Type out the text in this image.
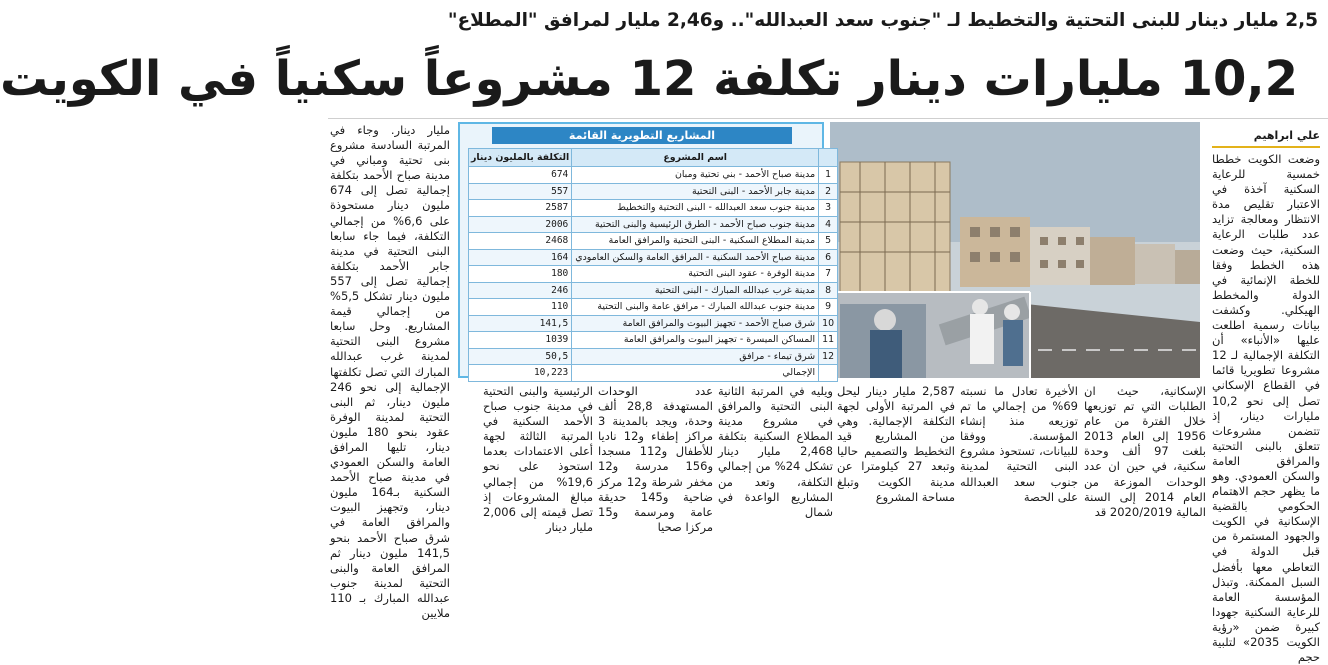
2,5 مليار دينار للبنى التحتية والتخطيط لـ "جنوب سعد العبدالله".. و2,46 مليار لمرافق "المطلاع"
10,2 مليارات دينار تكلفة 12 مشروعاً سكنياً في الكويت
علي ابراهيم
وضعت الكويت خططا خمسية للرعاية السكنية آخذة في الاعتبار تقليص مدة الانتظار ومعالجة تزايد عدد طلبات الرعاية السكنية، حيث وضعت هذه الخطط وفقا للخطة الإنمائية في الدولة والمخطط الهيكلي. وكشفت بيانات رسمية اطلعت عليها «الأنباء» أن التكلفة الإجمالية لـ 12 مشروعا تطويريا قائما في القطاع الإسكاني تصل إلى نحو 10,2 مليارات دينار، إذ تتضمن مشروعات تتعلق بالبنى التحتية والمرافق العامة والسكن العمودي. وهو ما يظهر حجم الاهتمام الحكومي بالقضية الإسكانية في الكويت والجهود المستمرة من قبل الدولة في التعاطي معها بأفضل السبل الممكنة. وتبذل المؤسسة العامة للرعاية السكنية جهودا كبيرة ضمن «رؤية الكويت 2035» لتلبية حجم
المشاريع التطويرية القائمة
	اسم المشروع	التكلفة بالمليون دينار
1	مدينة صباح الأحمد - بني تحتية ومبان	674
2	مدينة جابر الأحمد - البنى التحتية	557
3	مدينة جنوب سعد العبدالله - البنى التحتية والتخطيط	2587
4	مدينة جنوب صباح الأحمد - الطرق الرئيسية والبنى التحتية	2006
5	مدينة المطلاع السكنية - البنى التحتية والمرافق العامة	2468
6	مدينة صباح الأحمد السكنية - المرافق العامة والسكن العامودي	164
7	مدينة الوفرة - عقود البنى التحتية	180
8	مدينة غرب عبدالله المبارك - البنى التحتية	246
9	مدينة جنوب عبدالله المبارك - مرافق عامة والبنى التحتية	110
10	شرق صباح الأحمد - تجهيز البيوت والمرافق العامة	141,5
11	المساكن الميسرة - تجهيز البيوت والمرافق العامة	1039
12	شرق تيماء - مرافق	50,5
	الإجمالي	10,223
مليار دينار. وجاء في المرتبة السادسة مشروع بنى تحتية ومباني في مدينة صباح الأحمد بتكلفة إجمالية تصل إلى 674 مليون دينار مستحوذة على 6,6% من إجمالي التكلفة، فيما جاء سابعا البنى التحتية في مدينة جابر الأحمد بتكلفة إجمالية تصل إلى 557 مليون دينار تشكل 5,5% من إجمالي قيمة المشاريع. وحل سابعا مشروع البنى التحتية لمدينة غرب عبدالله المبارك التي تصل تكلفتها الإجمالية إلى نحو 246 مليون دينار، ثم البنى التحتية لمدينة الوفرة عقود بنحو 180 مليون دينار، تليها المرافق العامة والسكن العمودي في مدينة صباح الأحمد السكنية بـ164 مليون دينار، وتجهيز البيوت والمرافق العامة في شرق صباح الأحمد بنحو 141,5 مليون دينار ثم المرافق العامة والبنى التحتية لمدينة جنوب عبدالله المبارك بـ 110 ملايين
الإسكانية، حيث ان الطلبات التي تم توزيعها خلال الفترة من عام 1956 إلى العام 2013 بلغت 97 ألف وحدة سكنية، في حين ان عدد الوحدات الموزعة من العام 2014 إلى السنة المالية 2020/2019 قد
الأخيرة تعادل ما نسبته 69% من إجمالي ما تم توزيعه منذ إنشاء المؤسسة. ووفقا للبيانات، تستحوذ مشروع البنى التحتية لمدينة جنوب سعد العبدالله على الحصة
2,587 مليار دينار ليحل في المرتبة الأولى لجهة التكلفة الإجمالية. وهي من المشاريع قيد التخطيط والتصميم حاليا وتبعد 27 كيلومترا عن مدينة الكويت وتبلغ مساحة المشروع
ويليه في المرتبة الثانية البنى التحتية والمرافق في مشروع مدينة المطلاع السكنية بتكلفة 2,468 مليار دينار تشكل 24% من إجمالي التكلفة، وتعد من المشاريع الواعدة في شمال
عدد الوحدات المستهدفة 28,8 ألف وحدة، ويجد بالمدينة 3 مراكز إطفاء و12 ناديا للأطفال و112 مسجدا و156 مدرسة و12 مخفر شرطة و12 مركز ضاحية و145 حديقة عامة ومرسمة و15 مركزا صحيا
الرئيسية والبنى التحتية في مدينة جنوب صباح الأحمد السكنية في المرتبة الثالثة لجهة أعلى الاعتمادات بعدما استحوذ على نحو 19,6% من إجمالي مبالغ المشروعات إذ تصل قيمته إلى 2,006 مليار دينار
